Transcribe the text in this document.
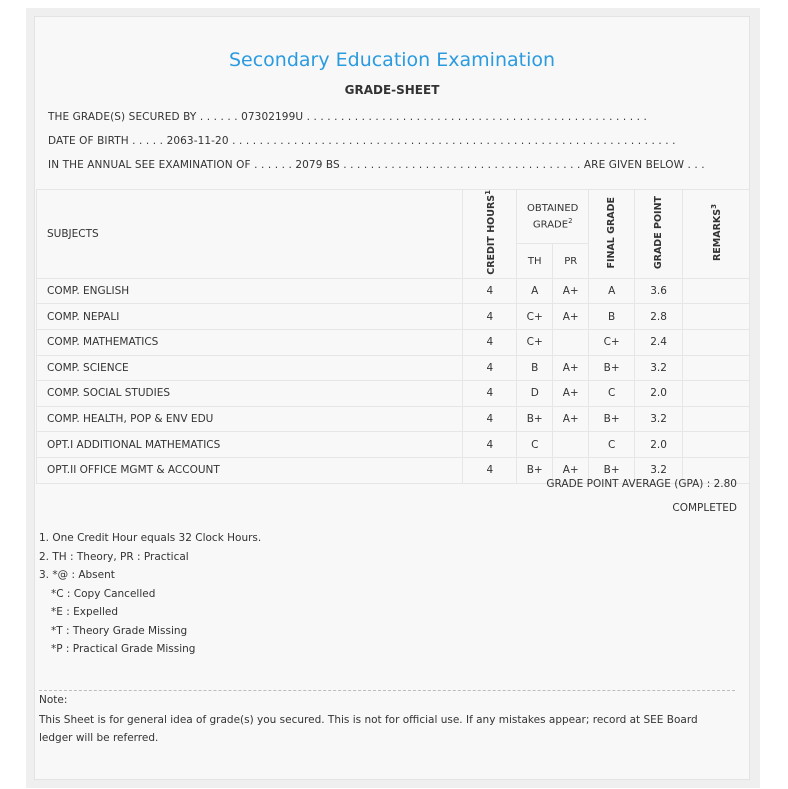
Secondary Education Examination
GRADE-SHEET
THE GRADE(S) SECURED BY . . . . . . 07302199U . . . . . . . . . . . . . . . . . . . . . . . . . . . . . . . . . . . . . . . . . . . . . . . . . .
DATE OF BIRTH . . . . . 2063-11-20 . . . . . . . . . . . . . . . . . . . . . . . . . . . . . . . . . . . . . . . . . . . . . . . . . . . . . . . . . . . . . . . . .
IN THE ANNUAL SEE EXAMINATION OF . . . . . . 2079 BS . . . . . . . . . . . . . . . . . . . . . . . . . . . . . . . . . . . ARE GIVEN BELOW . . .
SUBJECTS	CREDIT HOURS$^1$	OBTAINED GRADE$^2$		FINAL GRADE	GRADE POINT	REMARKS$^3$
		TH	PR			
COMP. ENGLISH	4	A	A+	A	3.6	
COMP. NEPALI	4	C+	A+	B	2.8	
COMP. MATHEMATICS	4	C+		C+	2.4	
COMP. SCIENCE	4	B	A+	B+	3.2	
COMP. SOCIAL STUDIES	4	D	A+	C	2.0	
COMP. HEALTH, POP & ENV EDU	4	B+	A+	B+	3.2	
OPT.I ADDITIONAL MATHEMATICS	4	C		C	2.0	
OPT.II OFFICE MGMT & ACCOUNT	4	B+	A+	B+	3.2	

GRADE POINT AVERAGE (GPA) : 2.80
COMPLETED
1. One Credit Hour equals 32 Clock Hours.
2. TH : Theory, PR : Practical
3. *@ : Absent
*C : Copy Cancelled
*E : Expelled
*T : Theory Grade Missing
*P : Practical Grade Missing
Note:
This Sheet is for general idea of grade(s) you secured. This is not for official use. If any mistakes appear; record at SEE Board ledger will be referred.
